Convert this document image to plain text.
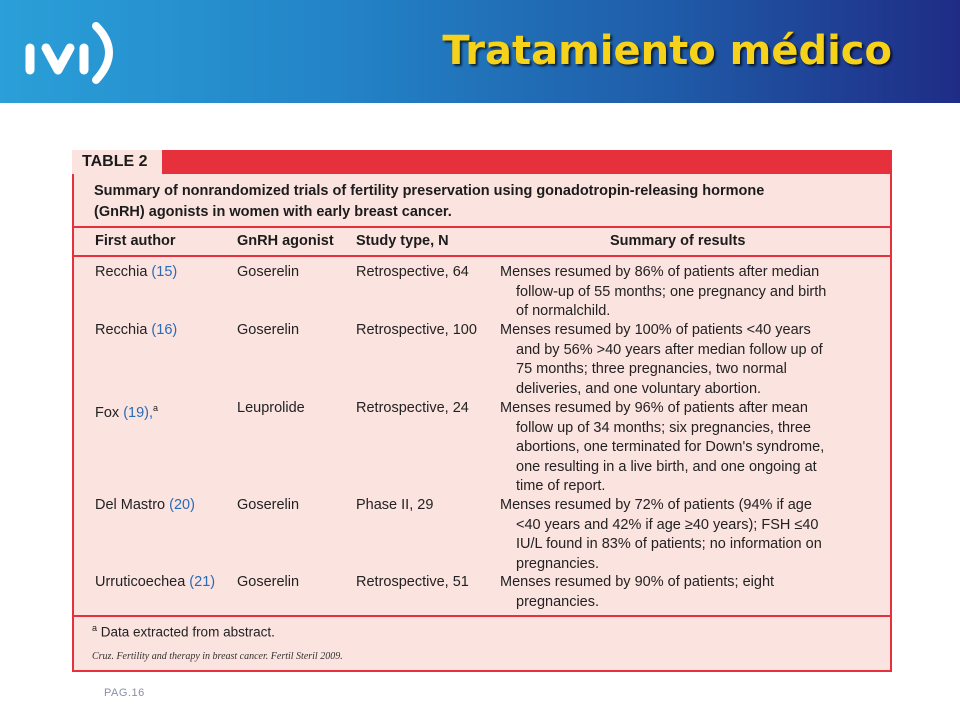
Tratamiento médico
TABLE 2
Summary of nonrandomized trials of fertility preservation using gonadotropin-releasing hormone
(GnRH) agonists in women with early breast cancer.
First author	GnRH agonist Study type, N	Summary of results
Recchia (15)	Goserelin	Retrospective, 64 Menses resumed by 86% of patients after median
follow-up of 55 months; one pregnancy and birth
of normalchild.
Recchia (16)	Goserelin	Retrospective, 100 Menses resumed by 100% of patients <40 years
and by 56% >40 years after median follow up of
75 months; three pregnancies, two normal
deliveries, and one voluntary abortion.
Fox (19),$^a$	Leuprolide	Retrospective, 24 Menses resumed by 96% of patients after mean
follow up of 34 months; six pregnancies, three
abortions, one terminated for Down's syndrome,
one resulting in a live birth, and one ongoing at
time of report.
Del Mastro (20)	Goserelin	Phase II, 29	Menses resumed by 72% of patients (94% if age
<40 years and 42% if age ≥40 years); FSH ≤40
IU/L found in 83% of patients; no information on
pregnancies.
Urruticoechea (21) Goserelin	Retrospective, 51 Menses resumed by 90% of patients; eight
pregnancies.
$^a$ Data extracted from abstract.
Cruz. Fertility and therapy in breast cancer. Fertil Steril 2009.
PAG.16
